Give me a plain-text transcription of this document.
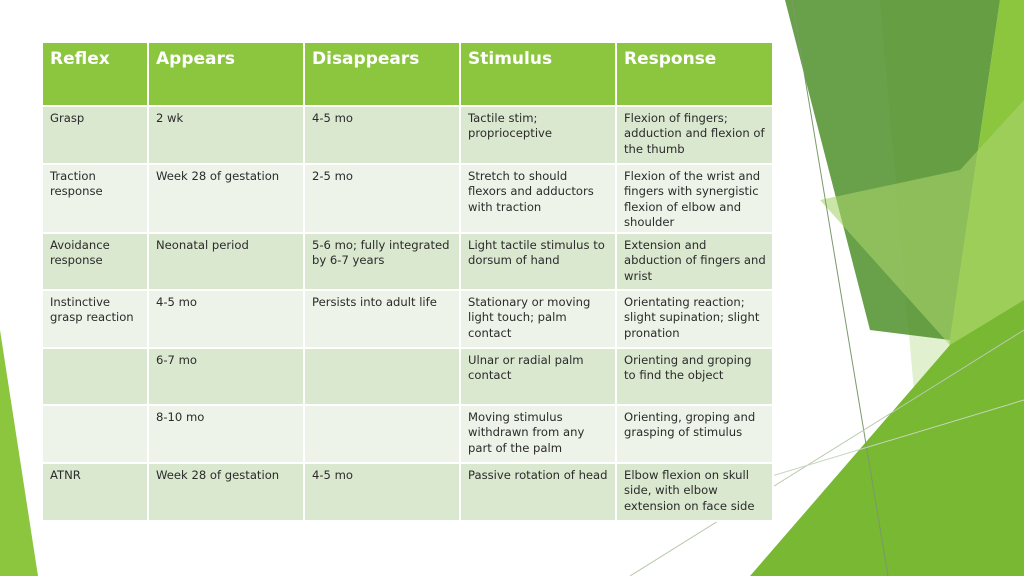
Reflex	Appears	Disappears	Stimulus	Response
Grasp	2 wk	4-5 mo	Tactile stim; proprioceptive	Flexion of fingers; adduction and flexion of the thumb
Traction response	Week 28 of gestation	2-5 mo	Stretch to should flexors and adductors with traction	Flexion of the wrist and fingers with synergistic flexion of elbow and shoulder
Avoidance response	Neonatal period	5-6 mo; fully integrated by 6-7 years	Light tactile stimulus to dorsum of hand	Extension and abduction of fingers and wrist
Instinctive grasp reaction	4-5 mo	Persists into adult life	Stationary or moving light touch; palm contact	Orientating reaction; slight supination; slight pronation
	6-7 mo		Ulnar or radial palm contact	Orienting and groping to find the object
	8-10 mo		Moving stimulus withdrawn from any part of the palm	Orienting, groping and grasping of stimulus
ATNR	Week 28 of gestation	4-5 mo	Passive rotation of head	Elbow flexion on skull side, with elbow extension on face side
